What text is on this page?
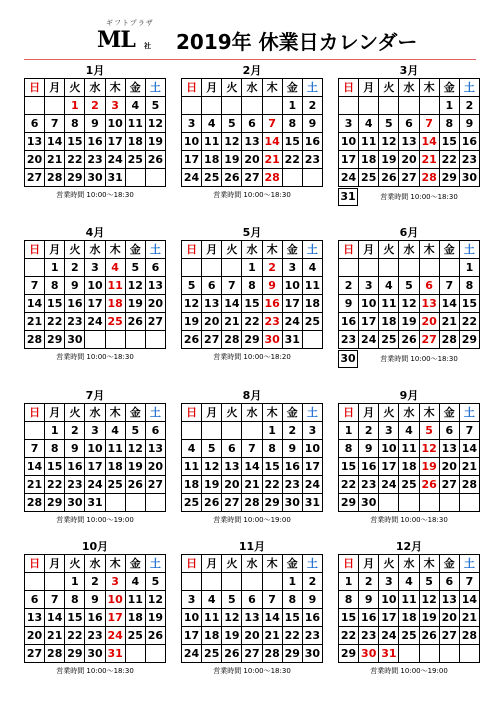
ギフトプラザ
ML 社 2019年 休業日カレンダー
1月
日	月	火	水	木	金	土
		1	2	3	4	5
6	7	8	9	10	11	12
13	14	15	16	17	18	19
20	21	22	23	24	25	26
27	28	29	30	31		
営業時間 10:00～18:30
2月
日	月	火	水	木	金	土
					1	2
3	4	5	6	7	8	9
10	11	12	13	14	15	16
17	18	19	20	21	22	23
24	25	26	27	28		
営業時間 10:00～18:30
3月
日	月	火	水	木	金	土
					1	2
3	4	5	6	7	8	9
10	11	12	13	14	15	16
17	18	19	20	21	22	23
24	25	26	27	28	29	30
31	営業時間 10:00～18:30
4月
日	月	火	水	木	金	土
	1	2	3	4	5	6
7	8	9	10	11	12	13
14	15	16	17	18	19	20
21	22	23	24	25	26	27
28	29	30				
営業時間 10:00～18:30
5月
日	月	火	水	木	金	土
			1	2	3	4
5	6	7	8	9	10	11
12	13	14	15	16	17	18
19	20	21	22	23	24	25
26	27	28	29	30	31	
営業時間 10:00～18:20
6月
日	月	火	水	木	金	土
						1
2	3	4	5	6	7	8
9	10	11	12	13	14	15
16	17	18	19	20	21	22
23	24	25	26	27	28	29
30	営業時間 10:00～18:30
7月
日	月	火	水	木	金	土
	1	2	3	4	5	6
7	8	9	10	11	12	13
14	15	16	17	18	19	20
21	22	23	24	25	26	27
28	29	30	31			
営業時間 10:00～19:00
8月
日	月	火	水	木	金	土
				1	2	3
4	5	6	7	8	9	10
11	12	13	14	15	16	17
18	19	20	21	22	23	24
25	26	27	28	29	30	31
営業時間 10:00～19:00
9月
日	月	火	水	木	金	土
1	2	3	4	5	6	7
8	9	10	11	12	13	14
15	16	17	18	19	20	21
22	23	24	25	26	27	28
29	30					
営業時間 10:00～18:30
10月
日	月	火	水	木	金	土
		1	2	3	4	5
6	7	8	9	10	11	12
13	14	15	16	17	18	19
20	21	22	23	24	25	26
27	28	29	30	31		
営業時間 10:00～18:30
11月
日	月	火	水	木	金	土
					1	2
3	4	5	6	7	8	9
10	11	12	13	14	15	16
17	18	19	20	21	22	23
24	25	26	27	28	29	30
営業時間 10:00～18:30
12月
日	月	火	水	木	金	土
1	2	3	4	5	6	7
8	9	10	11	12	13	14
15	16	17	18	19	20	21
22	23	24	25	26	27	28
29	30	31				
営業時間 10:00～19:00
